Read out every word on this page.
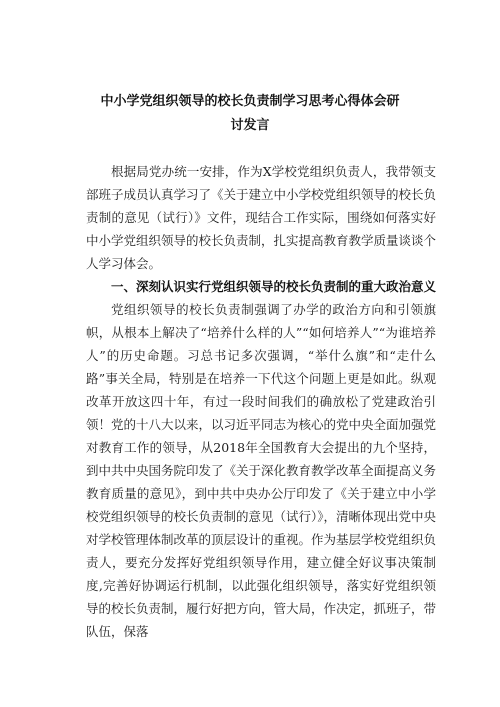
中小学党组织领导的校长负责制学习思考心得体会研
讨发言

根据局党办统一安排，作为X学校党组织负责人，我带领支部班子成员认真学习了《关于建立中小学校党组织领导的校长负责制的意见（试行）》文件，现结合工作实际，围绕如何落实好中小学党组织领导的校长负责制，扎实提高教育教学质量谈谈个人学习体会。

一、深刻认识实行党组织领导的校长负责制的重大政治意义

党组织领导的校长负责制强调了办学的政治方向和引领旗帜，从根本上解决了“培养什么样的人”“如何培养人”“为谁培养人”的历史命题。习总书记多次强调，“举什么旗”和“走什么路”事关全局，特别是在培养一下代这个问题上更是如此。纵观改革开放这四十年，有过一段时间我们的确放松了党建政治引领！党的十八大以来，以习近平同志为核心的党中央全面加强党对教育工作的领导，从2018年全国教育大会提出的九个坚持，到中共中央国务院印发了《关于深化教育教学改革全面提高义务教育质量的意见》，到中共中央办公厅印发了《关于建立中小学校党组织领导的校长负责制的意见（试行）》，清晰体现出党中央对学校管理体制改革的顶层设计的重视。作为基层学校党组织负责人，要充分发挥好党组织领导作用，建立健全好议事决策制度,完善好协调运行机制，以此强化组织领导，落实好党组织领导的校长负责制，履行好把方向，管大局，作决定，抓班子，带队伍，保落
